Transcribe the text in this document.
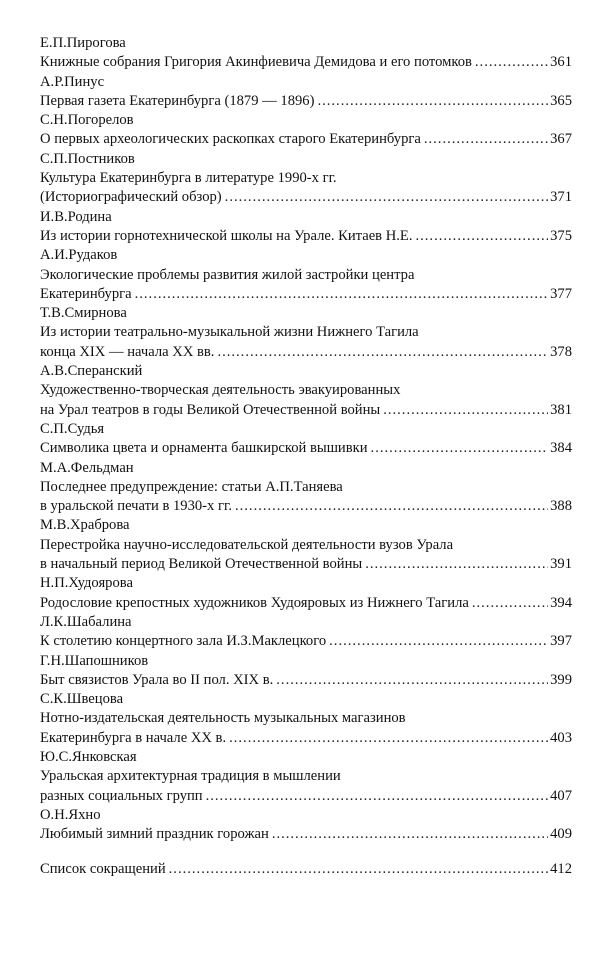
Е.П.Пирогова
Книжные собрания Григория Акинфиевича Демидова и его потомков .....	361
А.Р.Пинус
Первая газета Екатеринбурга (1879 — 1896) .....	365
С.Н.Погорелов
О первых археологических раскопках старого Екатеринбурга .....	367
С.П.Постников
Культура Екатеринбурга в литературе 1990-х гг.
(Историографический обзор) .....	371
И.В.Родина
Из истории горнотехнической школы на Урале. Китаев Н.Е. .....	375
А.И.Рудаков
Экологические проблемы развития жилой застройки центра
Екатеринбурга .....	377
Т.В.Смирнова
Из истории театрально-музыкальной жизни Нижнего Тагила
конца XIX — начала XX вв. .....	378
А.В.Сперанский
Художественно-творческая деятельность эвакуированных
на Урал театров в годы Великой Отечественной войны .....	381
С.П.Судья
Символика цвета и орнамента башкирской вышивки .....	384
М.А.Фельдман
Последнее предупреждение: статьи А.П.Таняева
в уральской печати в 1930-х гг. .....	388
М.В.Храброва
Перестройка научно-исследовательской деятельности вузов Урала
в начальный период Великой Отечественной войны .....	391
Н.П.Худоярова
Родословие крепостных художников Худояровых из Нижнего Тагила .....	394
Л.К.Шабалина
К столетию концертного зала И.З.Маклецкого .....	397
Г.Н.Шапошников
Быт связистов Урала во II пол. XIX в. .....	399
С.К.Швецова
Нотно-издательская деятельность музыкальных магазинов
Екатеринбурга в начале XX в. .....	403
Ю.С.Янковская
Уральская архитектурная традиция в мышлении
разных социальных групп .....	407
О.Н.Яхно
Любимый зимний праздник горожан .....	409
Список сокращений .....	412
